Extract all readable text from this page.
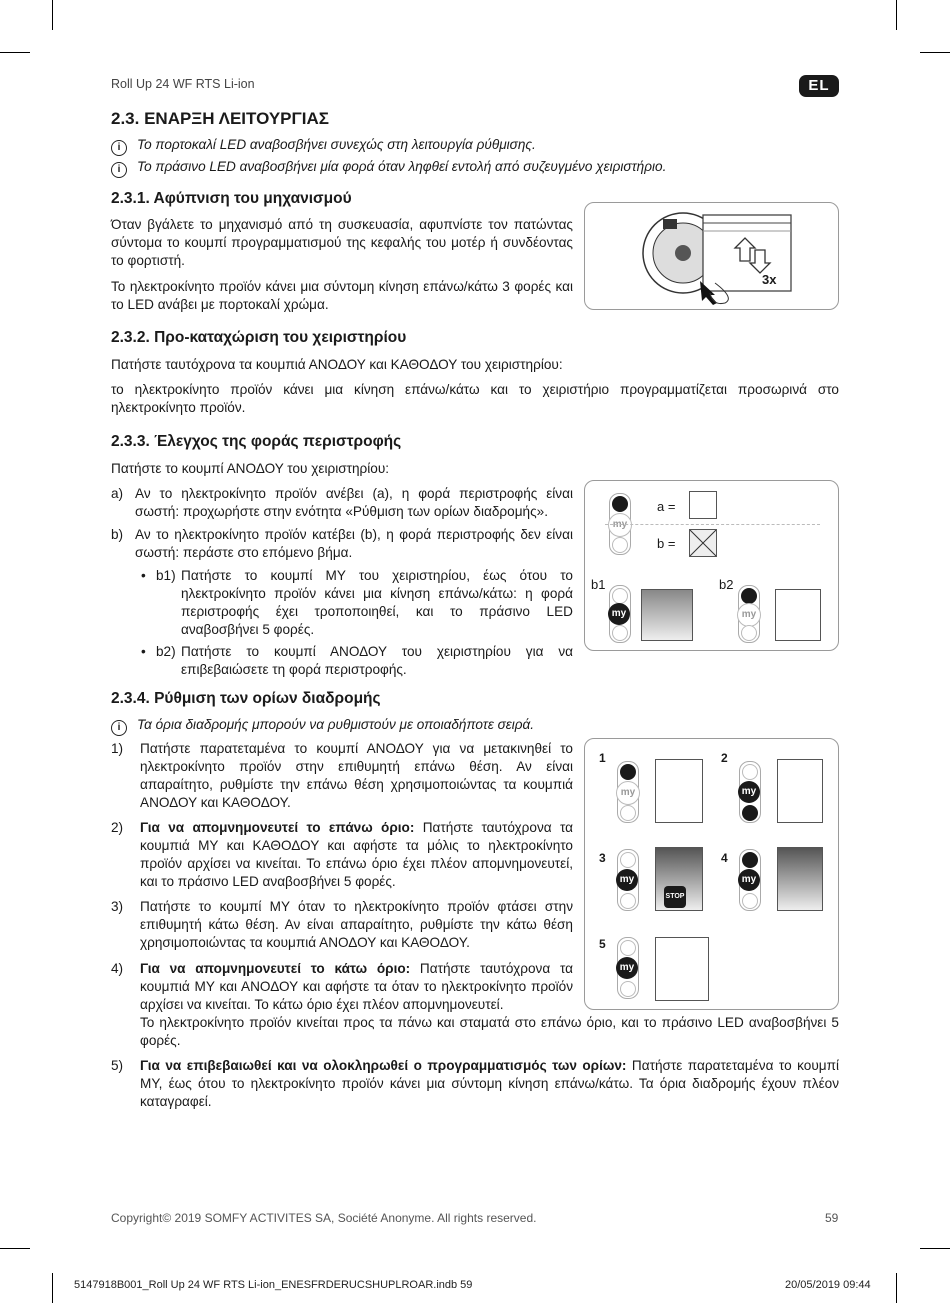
Roll Up 24 WF RTS Li-ion	EL
2.3. ΕΝΑΡΞΗ ΛΕΙΤΟΥΡΓΙΑΣ
i Το πορτοκαλί LED αναβοσβήνει συνεχώς στη λειτουργία ρύθμισης.
i Το πράσινο LED αναβοσβήνει μία φορά όταν ληφθεί εντολή από συζευγμένο χειριστήριο.
2.3.1. Αφύπνιση του μηχανισμού

Όταν βγάλετε το μηχανισμό από τη συσκευασία, αφυπνίστε τον πατώντας σύντομα το κουμπί προγραμματισμού της κεφαλής του μοτέρ ή συνδέοντας το φορτιστή.

Το ηλεκτροκίνητο προϊόν κάνει μια σύντομη κίνηση επάνω/κάτω 3 φορές και το LED ανάβει με πορτοκαλί χρώμα.

3x
2.3.2. Προ-καταχώριση του χειριστηρίου

Πατήστε ταυτόχρονα τα κουμπιά ΑΝΟΔΟΥ και ΚΑΘΟΔΟΥ του χειριστηρίου:

το ηλεκτροκίνητο προϊόν κάνει μια κίνηση επάνω/κάτω και το χειριστήριο προγραμματίζεται προσωρινά στο ηλεκτροκίνητο προϊόν.

2.3.3. Έλεγχος της φοράς περιστροφής

Πατήστε το κουμπί ΑΝΟΔΟΥ του χειριστηρίου:

a) Αν το ηλεκτροκίνητο προϊόν ανέβει (a), η φορά περιστροφής είναι σωστή: προχωρήστε στην ενότητα «Ρύθμιση των ορίων διαδρομής».

b) Αν το ηλεκτροκίνητο προϊόν κατέβει (b), η φορά περιστροφής δεν είναι σωστή: περάστε στο επόμενο βήμα.

• b1) Πατήστε το κουμπί MY του χειριστηρίου, έως ότου το ηλεκτροκίνητο προϊόν κάνει μια κίνηση επάνω/κάτω: η φορά περιστροφής έχει τροποποιηθεί, και το πράσινο LED αναβοσβήνει 5 φορές.

• b2) Πατήστε το κουμπί ΑΝΟΔΟΥ του χειριστηρίου για να επιβεβαιώσετε τη φορά περιστροφής.

my
a =
b =
b1	b2
my	my
2.3.4. Ρύθμιση των ορίων διαδρομής
i Τα όρια διαδρομής μπορούν να ρυθμιστούν με οποιαδήποτε σειρά.
1) Πατήστε παρατεταμένα το κουμπί ΑΝΟΔΟΥ για να μετακινηθεί το ηλεκτροκίνητο προϊόν στην επιθυμητή επάνω θέση. Αν είναι απαραίτητο, ρυθμίστε την επάνω θέση χρησιμοποιώντας τα κουμπιά ΑΝΟΔΟΥ και ΚΑΘΟΔΟΥ.

2) Για να απομνημονευτεί το επάνω όριο: Πατήστε ταυτόχρονα τα κουμπιά MY και ΚΑΘΟΔΟΥ και αφήστε τα μόλις το ηλεκτροκίνητο προϊόν αρχίσει να κινείται. Το επάνω όριο έχει πλέον απομνημονευτεί, και το πράσινο LED αναβοσβήνει 5 φορές.

3) Πατήστε το κουμπί MY όταν το ηλεκτροκίνητο προϊόν φτάσει στην επιθυμητή κάτω θέση. Αν είναι απαραίτητο, ρυθμίστε την κάτω θέση χρησιμοποιώντας τα κουμπιά ΑΝΟΔΟΥ και ΚΑΘΟΔΟΥ.

4) Για να απομνημονευτεί το κάτω όριο: Πατήστε ταυτόχρονα τα κουμπιά MY και ΑΝΟΔΟΥ και αφήστε τα όταν το ηλεκτροκίνητο προϊόν αρχίσει να κινείται. Το κάτω όριο έχει πλέον απομνημονευτεί.

Το ηλεκτροκίνητο προϊόν κινείται προς τα πάνω και σταματά στο επάνω όριο, και το πράσινο LED αναβοσβήνει 5 φορές.

5) Για να επιβεβαιωθεί και να ολοκληρωθεί ο προγραμματισμός των ορίων: Πατήστε παρατεταμένα το κουμπί MY, έως ότου το ηλεκτροκίνητο προϊόν κάνει μια σύντομη κίνηση επάνω/κάτω. Τα όρια διαδρομής έχουν πλέον καταγραφεί.

1
my
2
my
3
my
STOP
4
my
5
my
Copyright© 2019 SOMFY ACTIVITES SA, Société Anonyme. All rights reserved.	59
5147918B001_Roll Up 24 WF RTS Li-ion_ENESFRDERUCSHUPLROAR.indb 59	20/05/2019 09:44
